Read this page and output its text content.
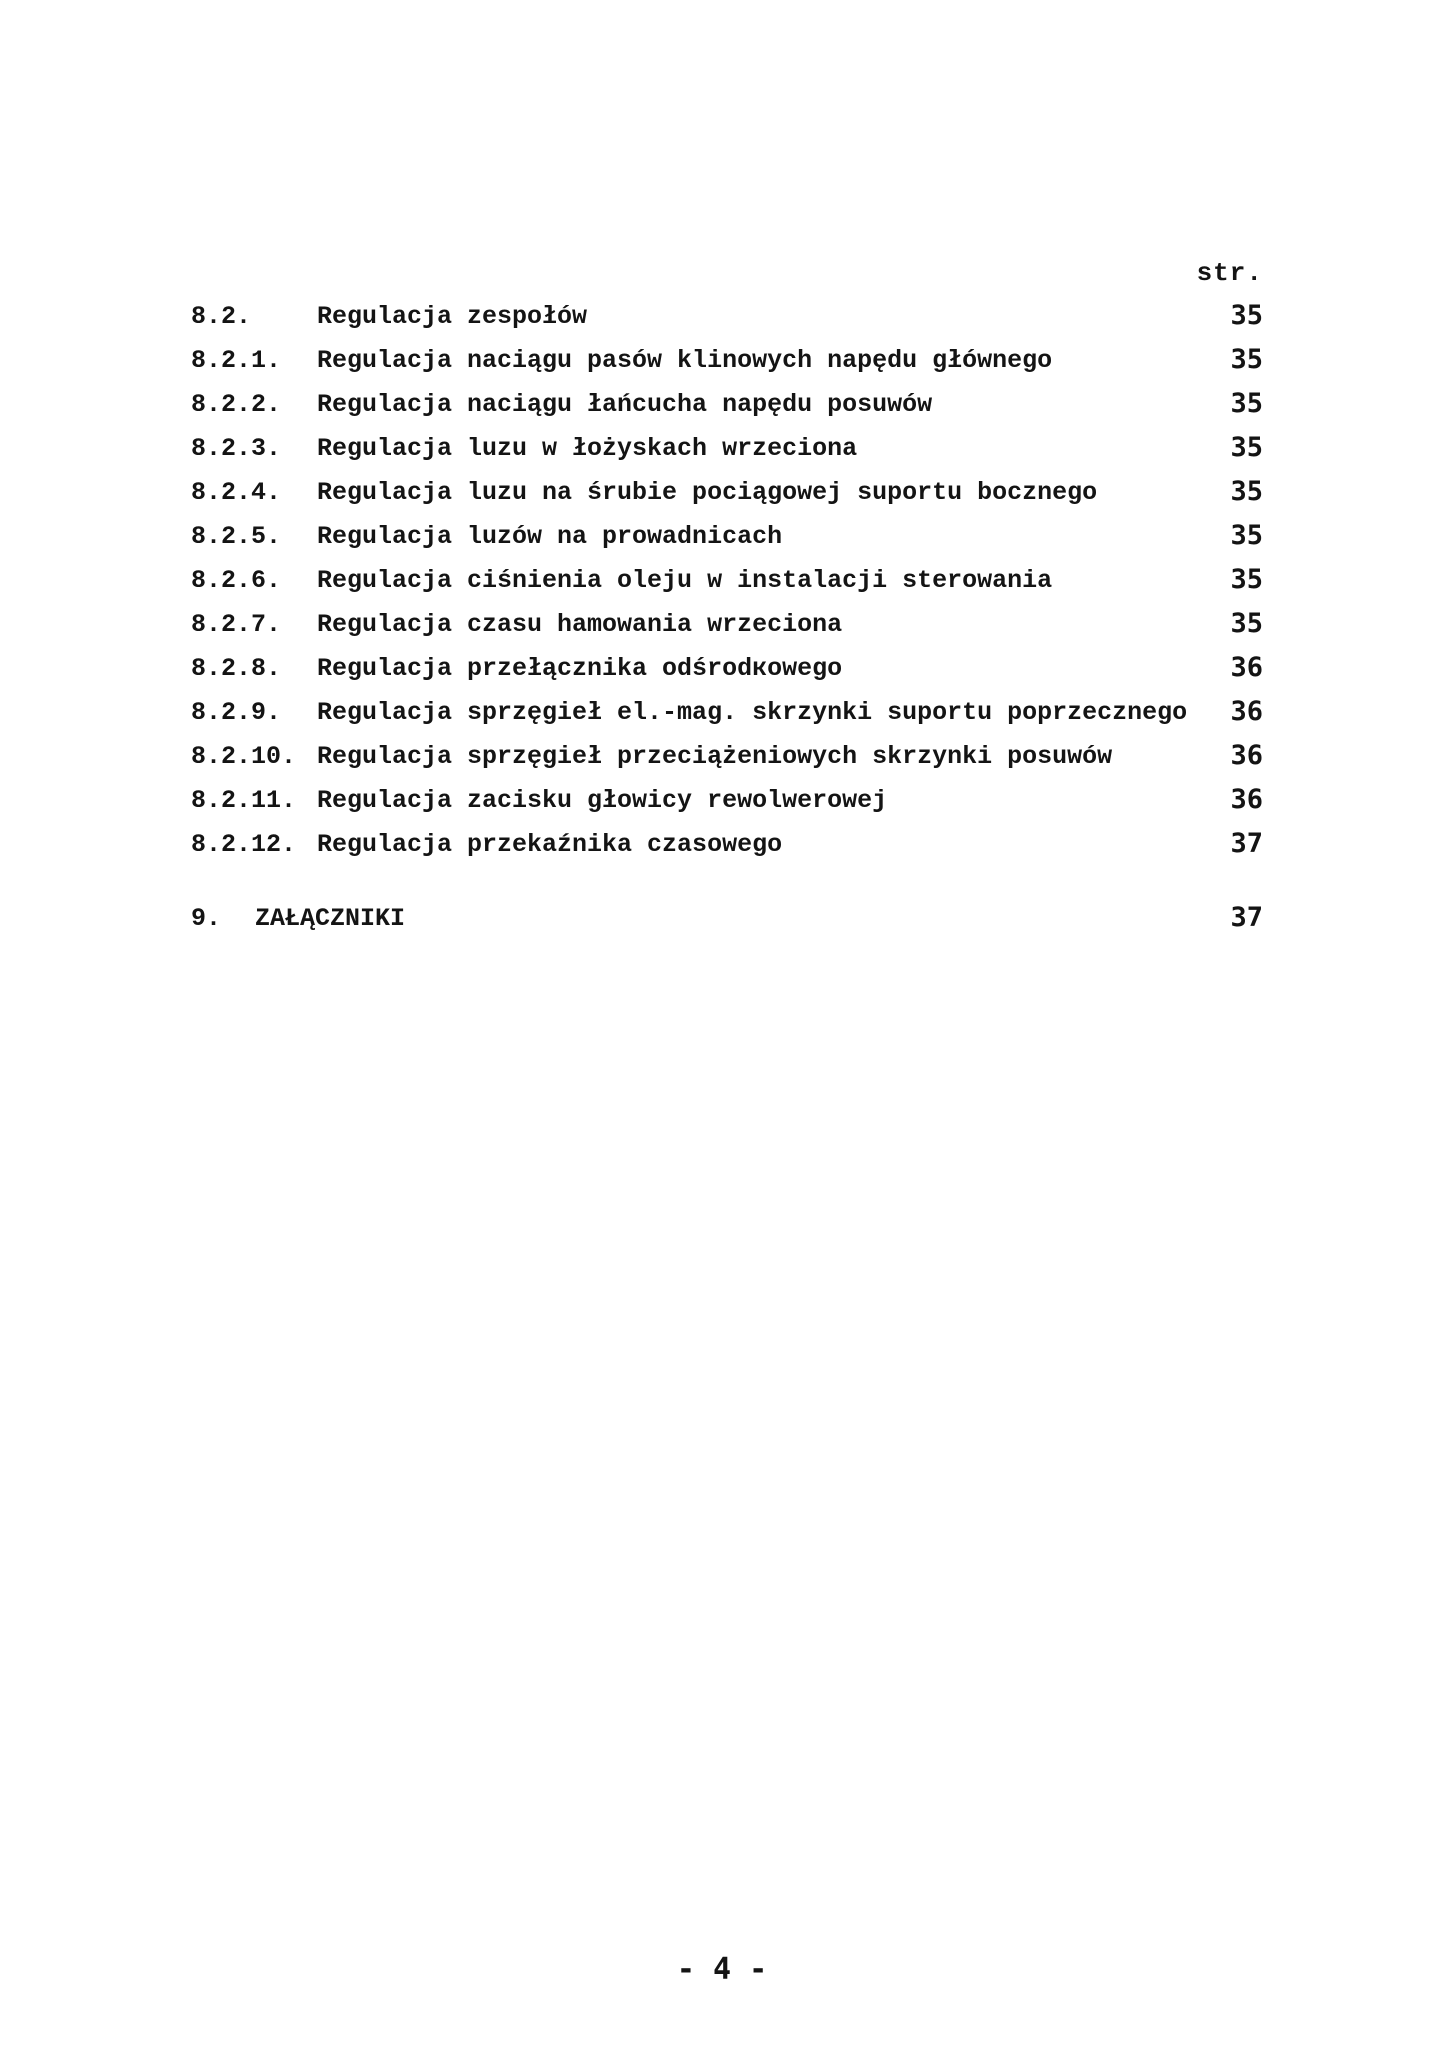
str.
8.2.	Regulacja zespołów	35
8.2.1.	Regulacja naciągu pasów klinowych napędu głównego	35
8.2.2.	Regulacja naciągu łańcucha napędu posuwów	35
8.2.3.	Regulacja luzu w łożyskach wrzeciona	35
8.2.4.	Regulacja luzu na śrubie pociągowej suportu bocznego	35
8.2.5.	Regulacja luzów na prowadnicach	35
8.2.6.	Regulacja ciśnienia oleju w instalacji sterowania	35
8.2.7.	Regulacja czasu hamowania wrzeciona	35
8.2.8.	Regulacja przełącznika odśrodкowego	36
8.2.9.	Regulacja sprzęgieł el.-mag. skrzynki suportu poprzecznego 36
8.2.10. Regulacja sprzęgieł przeciążeniowych skrzynki posuwów	36
8.2.11. Regulacja zacisku głowicy rewolwerowej	36
8.2.12. Regulacja przekaźnika czasowego	37
9.	ZAŁĄCZNIKI	37
- 4 -
